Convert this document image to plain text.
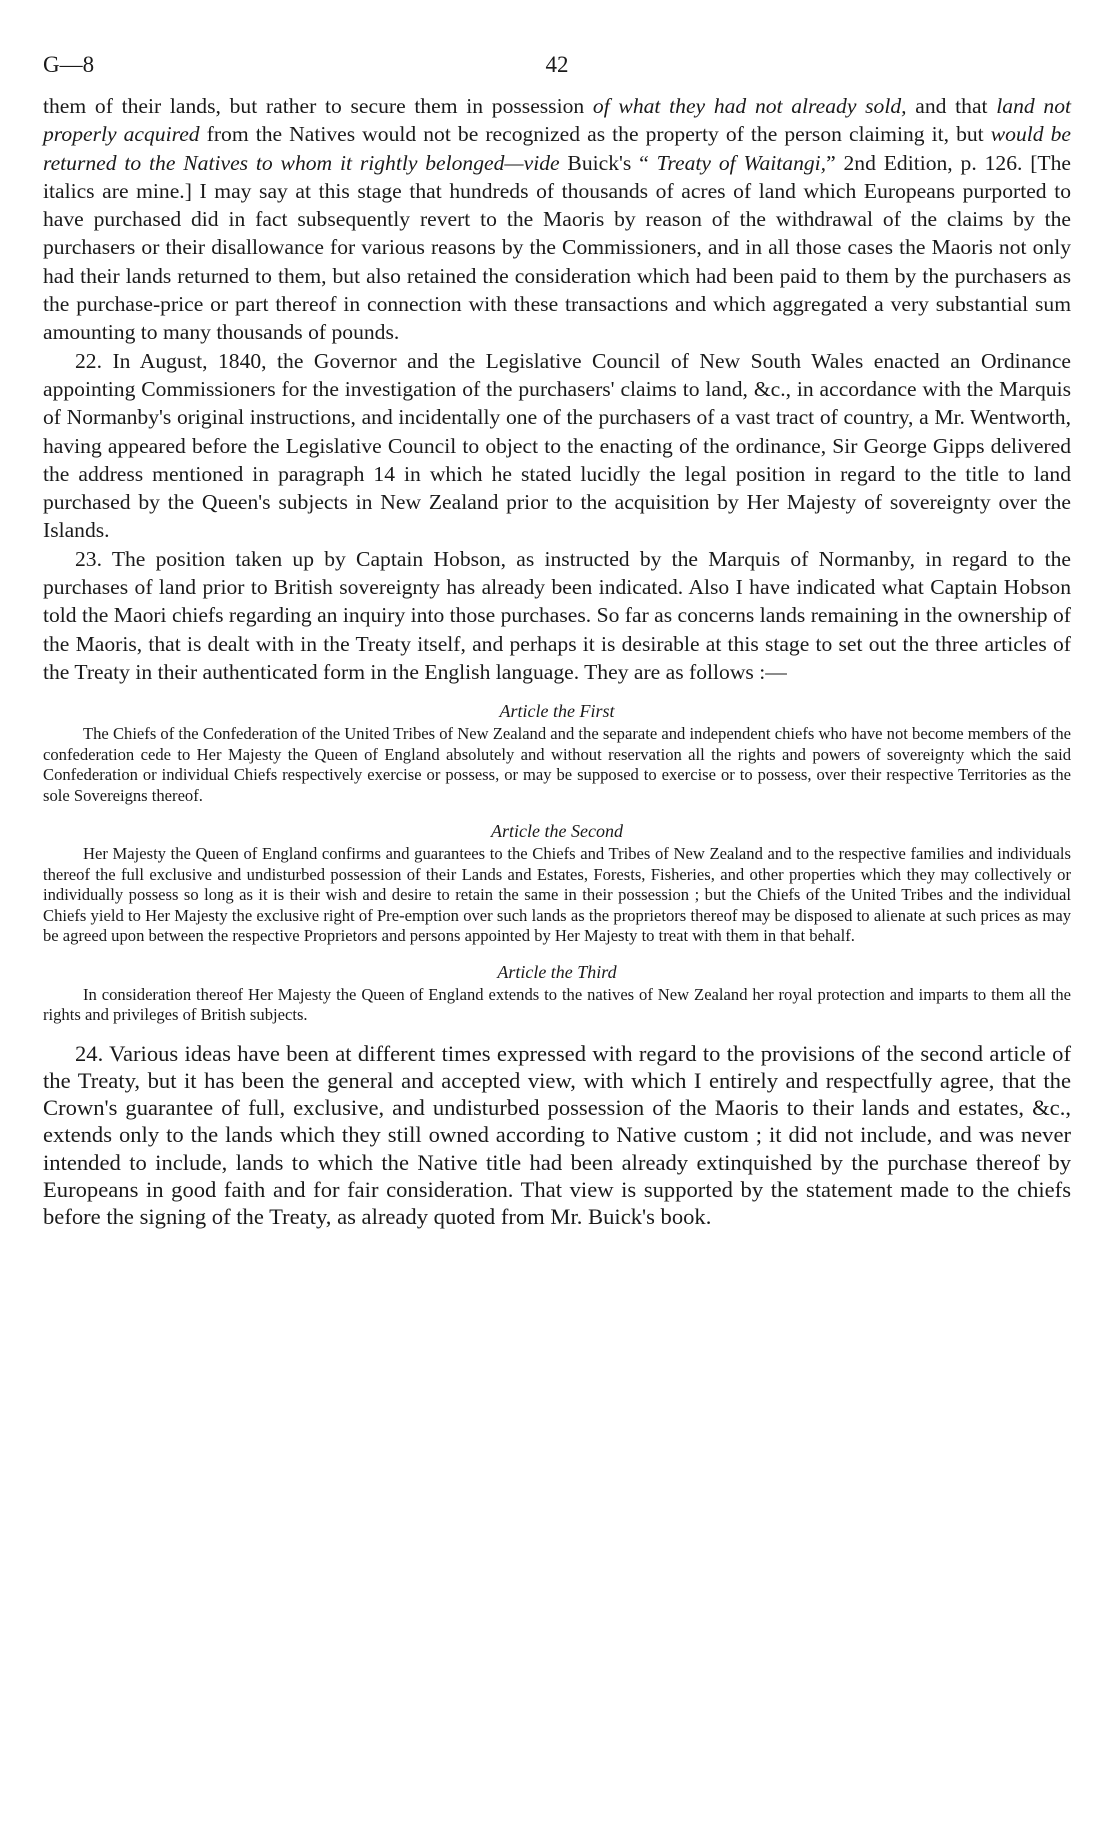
G—8	42

them of their lands, but rather to secure them in possession of what they had not already sold, and that land not properly acquired from the Natives would not be recognized as the property of the person claiming it, but would be returned to the Natives to whom it rightly belonged—vide Buick's “ Treaty of Waitangi,” 2nd Edition, p. 126. [The italics are mine.] I may say at this stage that hundreds of thousands of acres of land which Europeans purported to have purchased did in fact subsequently revert to the Maoris by reason of the withdrawal of the claims by the purchasers or their disallowance for various reasons by the Commissioners, and in all those cases the Maoris not only had their lands returned to them, but also retained the consideration which had been paid to them by the purchasers as the purchase-price or part thereof in connection with these transactions and which aggregated a very substantial sum amounting to many thousands of pounds.

22. In August, 1840, the Governor and the Legislative Council of New South Wales enacted an Ordinance appointing Commissioners for the investigation of the purchasers' claims to land, &c., in accordance with the Marquis of Normanby's original instructions, and incidentally one of the purchasers of a vast tract of country, a Mr. Wentworth, having appeared before the Legislative Council to object to the enacting of the ordinance, Sir George Gipps delivered the address mentioned in paragraph 14 in which he stated lucidly the legal position in regard to the title to land purchased by the Queen's subjects in New Zealand prior to the acquisition by Her Majesty of sovereignty over the Islands.

23. The position taken up by Captain Hobson, as instructed by the Marquis of Normanby, in regard to the purchases of land prior to British sovereignty has already been indicated. Also I have indicated what Captain Hobson told the Maori chiefs regarding an inquiry into those purchases. So far as concerns lands remaining in the ownership of the Maoris, that is dealt with in the Treaty itself, and perhaps it is desirable at this stage to set out the three articles of the Treaty in their authenticated form in the English language. They are as follows :—

Article the First

The Chiefs of the Confederation of the United Tribes of New Zealand and the separate and independent chiefs who have not become members of the confederation cede to Her Majesty the Queen of England absolutely and without reservation all the rights and powers of sovereignty which the said Confederation or individual Chiefs respectively exercise or possess, or may be supposed to exercise or to possess, over their respective Territories as the sole Sovereigns thereof.

Article the Second

Her Majesty the Queen of England confirms and guarantees to the Chiefs and Tribes of New Zealand and to the respective families and individuals thereof the full exclusive and undisturbed possession of their Lands and Estates, Forests, Fisheries, and other properties which they may collectively or individually possess so long as it is their wish and desire to retain the same in their possession ; but the Chiefs of the United Tribes and the individual Chiefs yield to Her Majesty the exclusive right of Pre-emption over such lands as the proprietors thereof may be disposed to alienate at such prices as may be agreed upon between the respective Proprietors and persons appointed by Her Majesty to treat with them in that behalf.

Article the Third

In consideration thereof Her Majesty the Queen of England extends to the natives of New Zealand her royal protection and imparts to them all the rights and privileges of British subjects.

24. Various ideas have been at different times expressed with regard to the provisions of the second article of the Treaty, but it has been the general and accepted view, with which I entirely and respectfully agree, that the Crown's guarantee of full, exclusive, and undisturbed possession of the Maoris to their lands and estates, &c., extends only to the lands which they still owned according to Native custom ; it did not include, and was never intended to include, lands to which the Native title had been already extinquished by the purchase thereof by Europeans in good faith and for fair consideration. That view is supported by the statement made to the chiefs before the signing of the Treaty, as already quoted from Mr. Buick's book.
